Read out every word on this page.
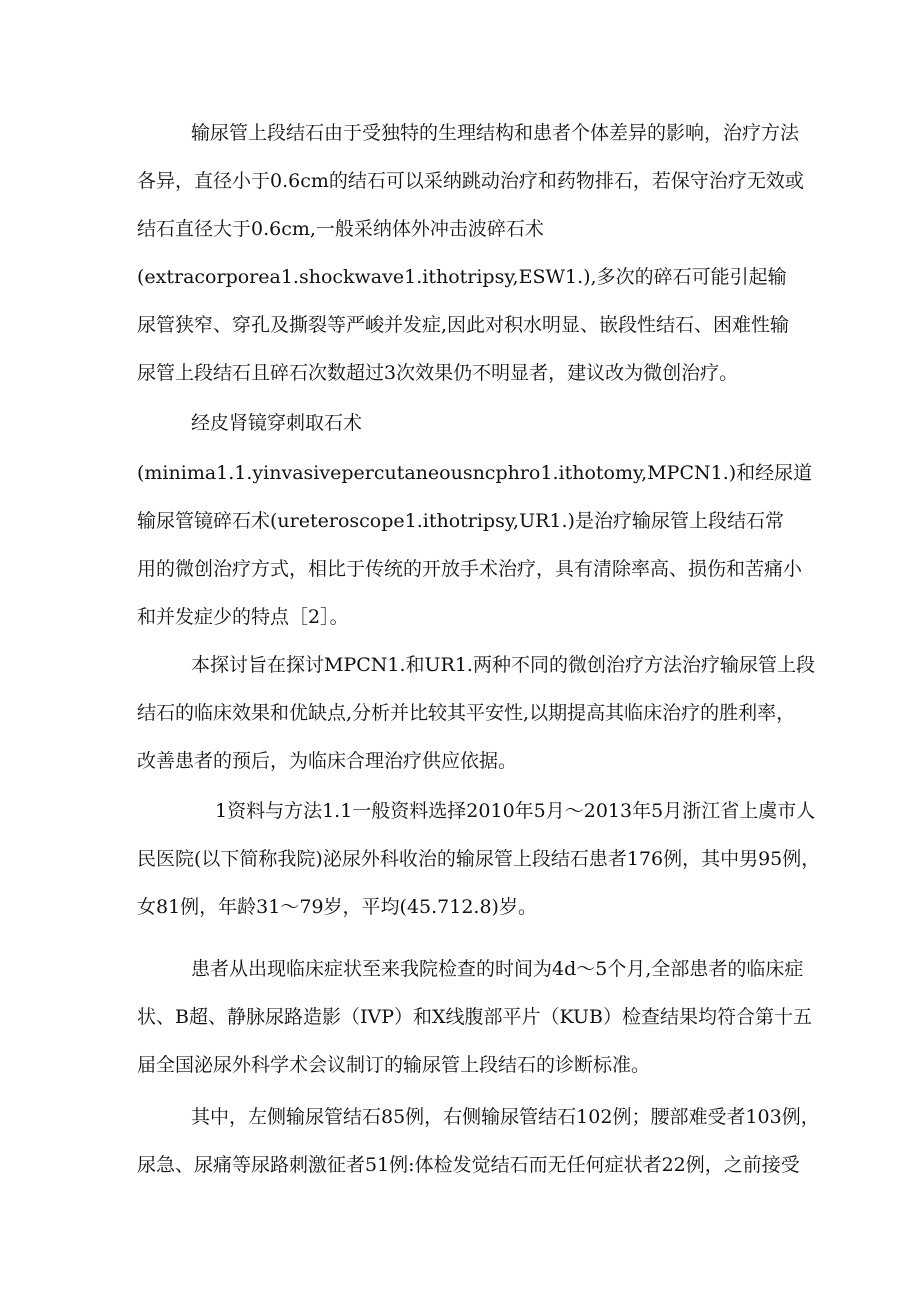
输尿管上段结石由于受独特的生理结构和患者个体差异的影响，治疗方法
各异，直径小于0.6cm的结石可以采纳跳动治疗和药物排石，若保守治疗无效或
结石直径大于0.6cm,一般采纳体外冲击波碎石术
(extracorporea1.shockwave1.ithotripsy,ESW1.),多次的碎石可能引起输
尿管狭窄、穿孔及撕裂等严峻并发症,因此对积水明显、嵌段性结石、困难性输
尿管上段结石且碎石次数超过3次效果仍不明显者，建议改为微创治疗。
经皮肾镜穿刺取石术
(minima1.1.yinvasivepercutaneousncphro1.ithotomy,MPCN1.)和经尿道
输尿管镜碎石术(ureteroscope1.ithotripsy,UR1.)是治疗输尿管上段结石常
用的微创治疗方式，相比于传统的开放手术治疗，具有清除率高、损伤和苦痛小
和并发症少的特点［2］。
本探讨旨在探讨MPCN1.和UR1.两种不同的微创治疗方法治疗输尿管上段
结石的临床效果和优缺点,分析并比较其平安性,以期提高其临床治疗的胜利率，
改善患者的预后，为临床合理治疗供应依据。
1资料与方法1.1一般资料选择2010年5月～2013年5月浙江省上虞市人
民医院(以下简称我院)泌尿外科收治的输尿管上段结石患者176例，其中男95例，
女81例，年龄31～79岁，平均(45.712.8)岁。
患者从出现临床症状至来我院检查的时间为4d～5个月,全部患者的临床症
状、B超、静脉尿路造影（IVP）和X线腹部平片（KUB）检查结果均符合第十五
届全国泌尿外科学术会议制订的输尿管上段结石的诊断标准。
其中，左侧输尿管结石85例，右侧输尿管结石102例；腰部难受者103例，
尿急、尿痛等尿路刺激征者51例:体检发觉结石而无任何症状者22例，之前接受
